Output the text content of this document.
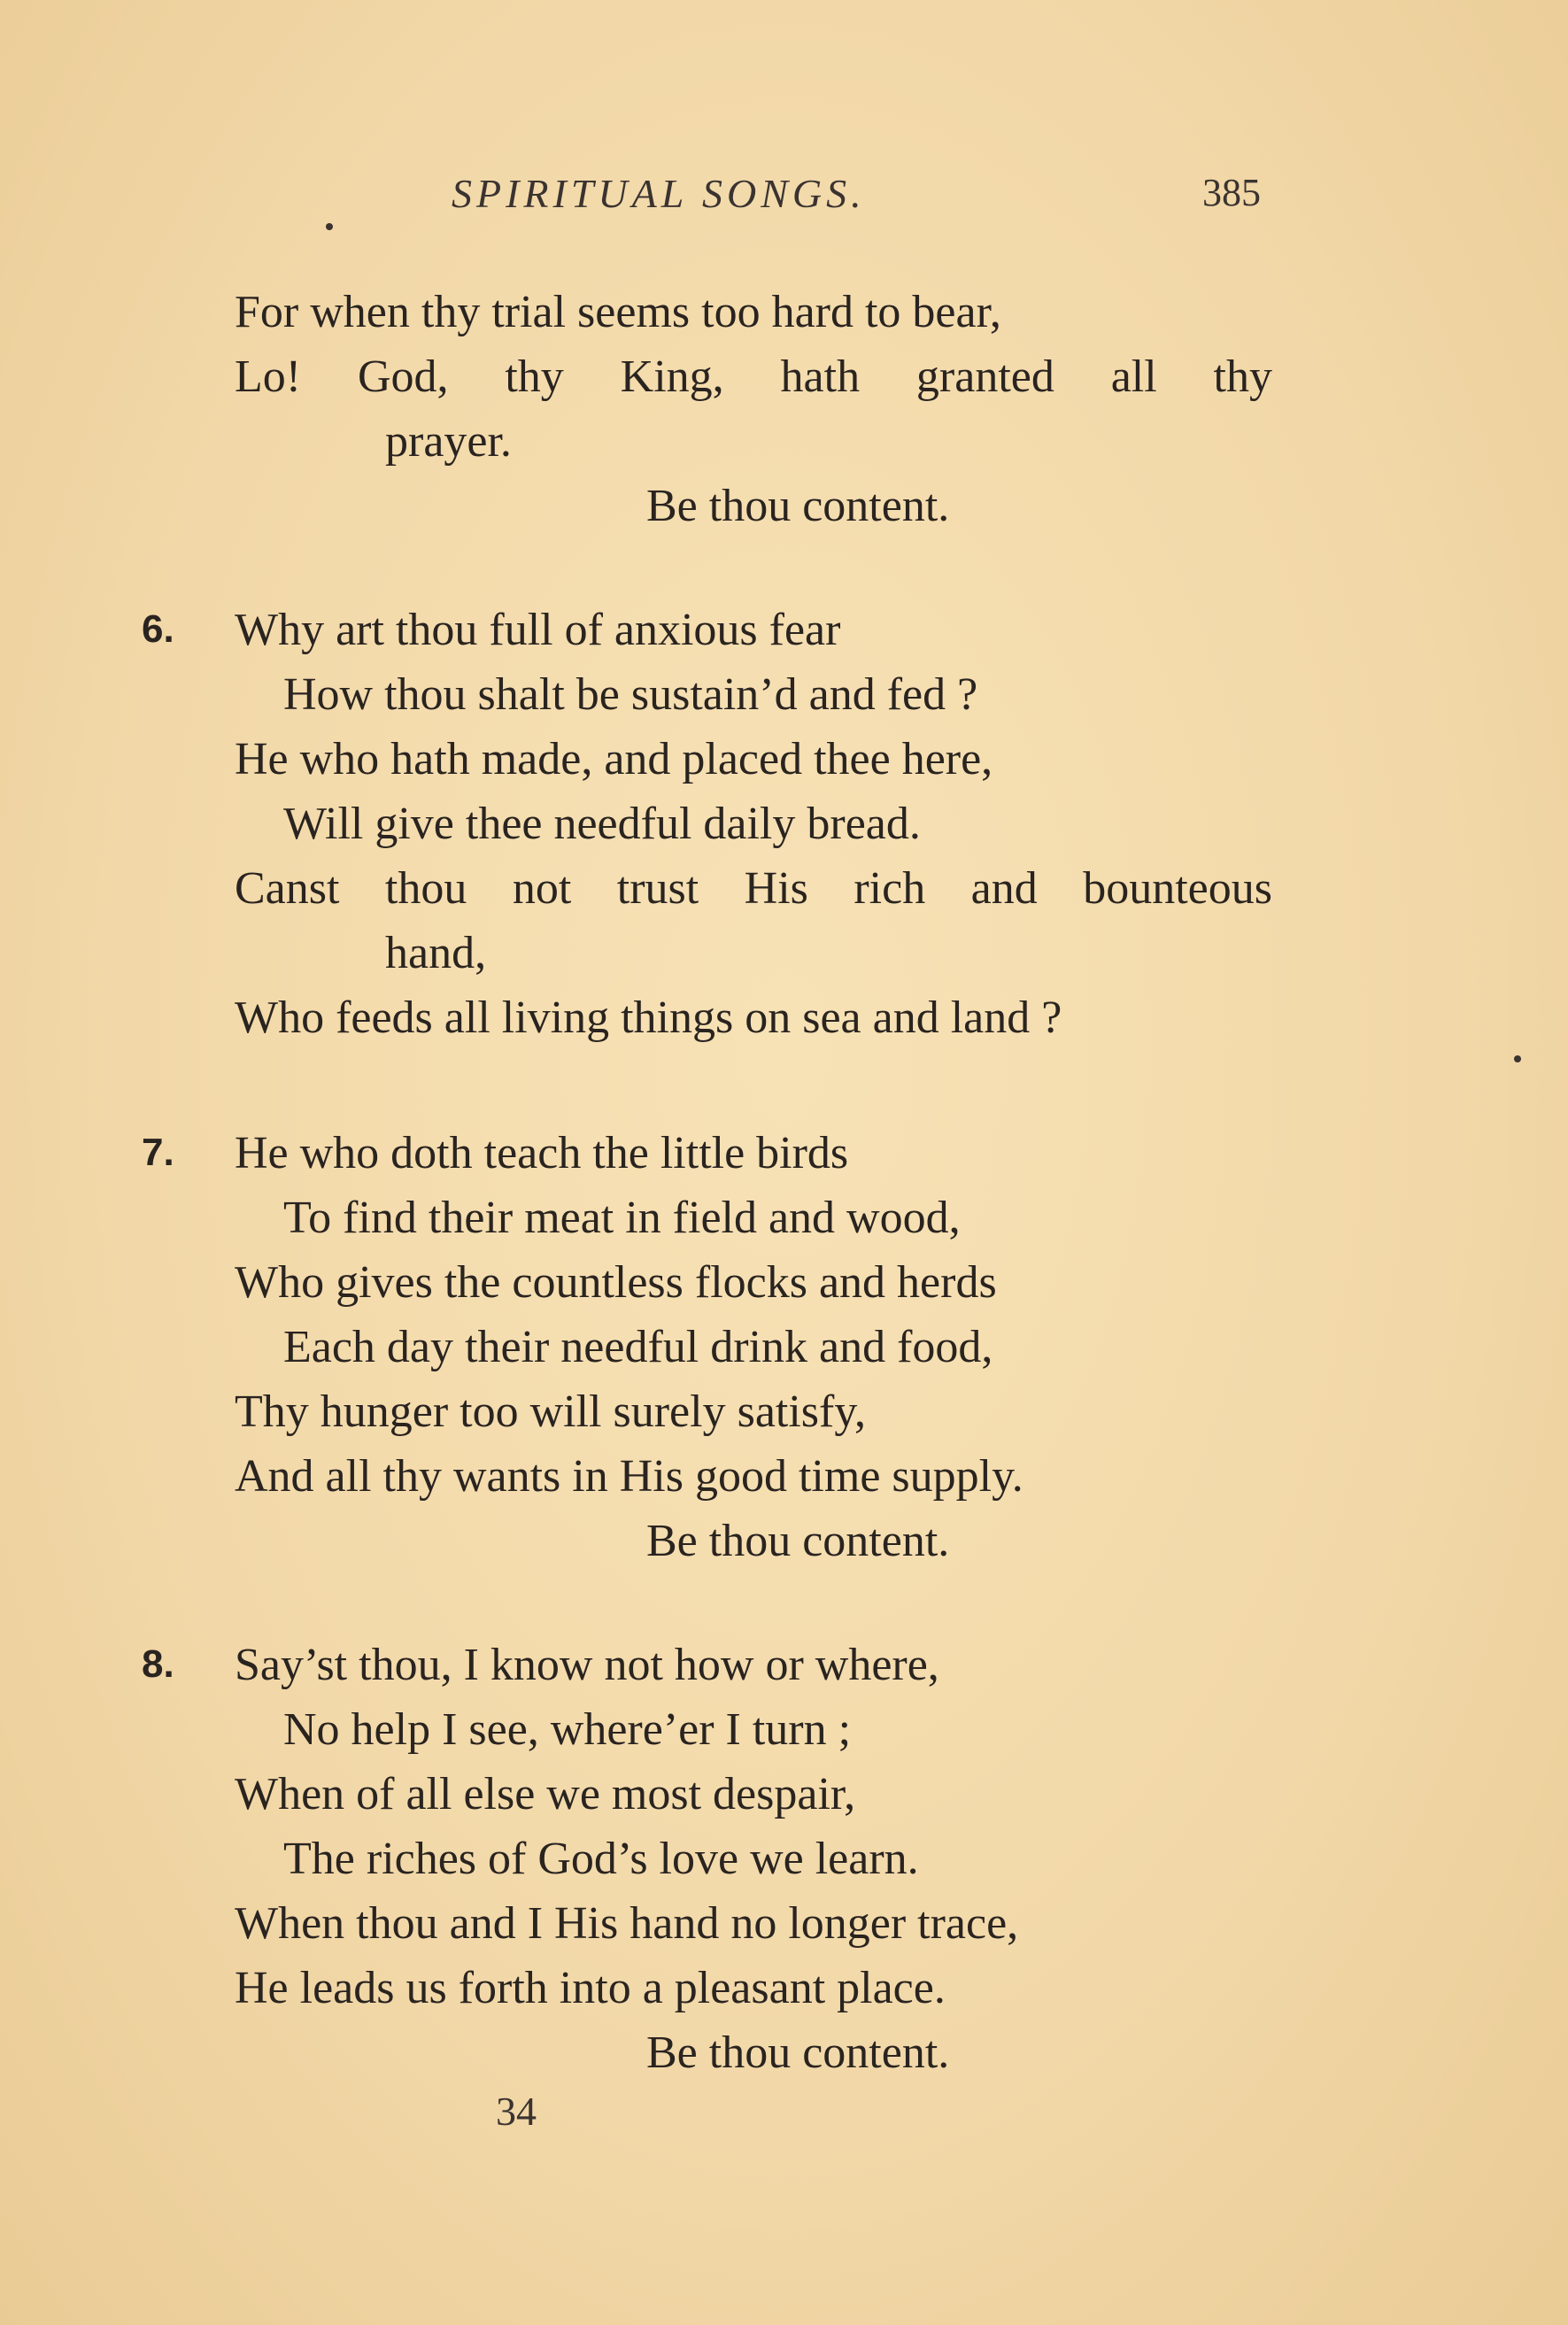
SPIRITUAL SONGS.	385
For when thy trial seems too hard to bear,
Lo! God, thy King, hath granted all thy
prayer.
Be thou content.
6. Why art thou full of anxious fear
How thou shalt be sustain’d and fed ?
He who hath made, and placed thee here,
Will give thee needful daily bread.
Canst thou not trust His rich and bounteous
hand,
Who feeds all living things on sea and land ?
7. He who doth teach the little birds
To find their meat in field and wood,
Who gives the countless flocks and herds
Each day their needful drink and food,
Thy hunger too will surely satisfy,
And all thy wants in His good time supply.
Be thou content.
8. Say’st thou, I know not how or where,
No help I see, where’er I turn ;
When of all else we most despair,
The riches of God’s love we learn.
When thou and I His hand no longer trace,
He leads us forth into a pleasant place.
Be thou content.
34
